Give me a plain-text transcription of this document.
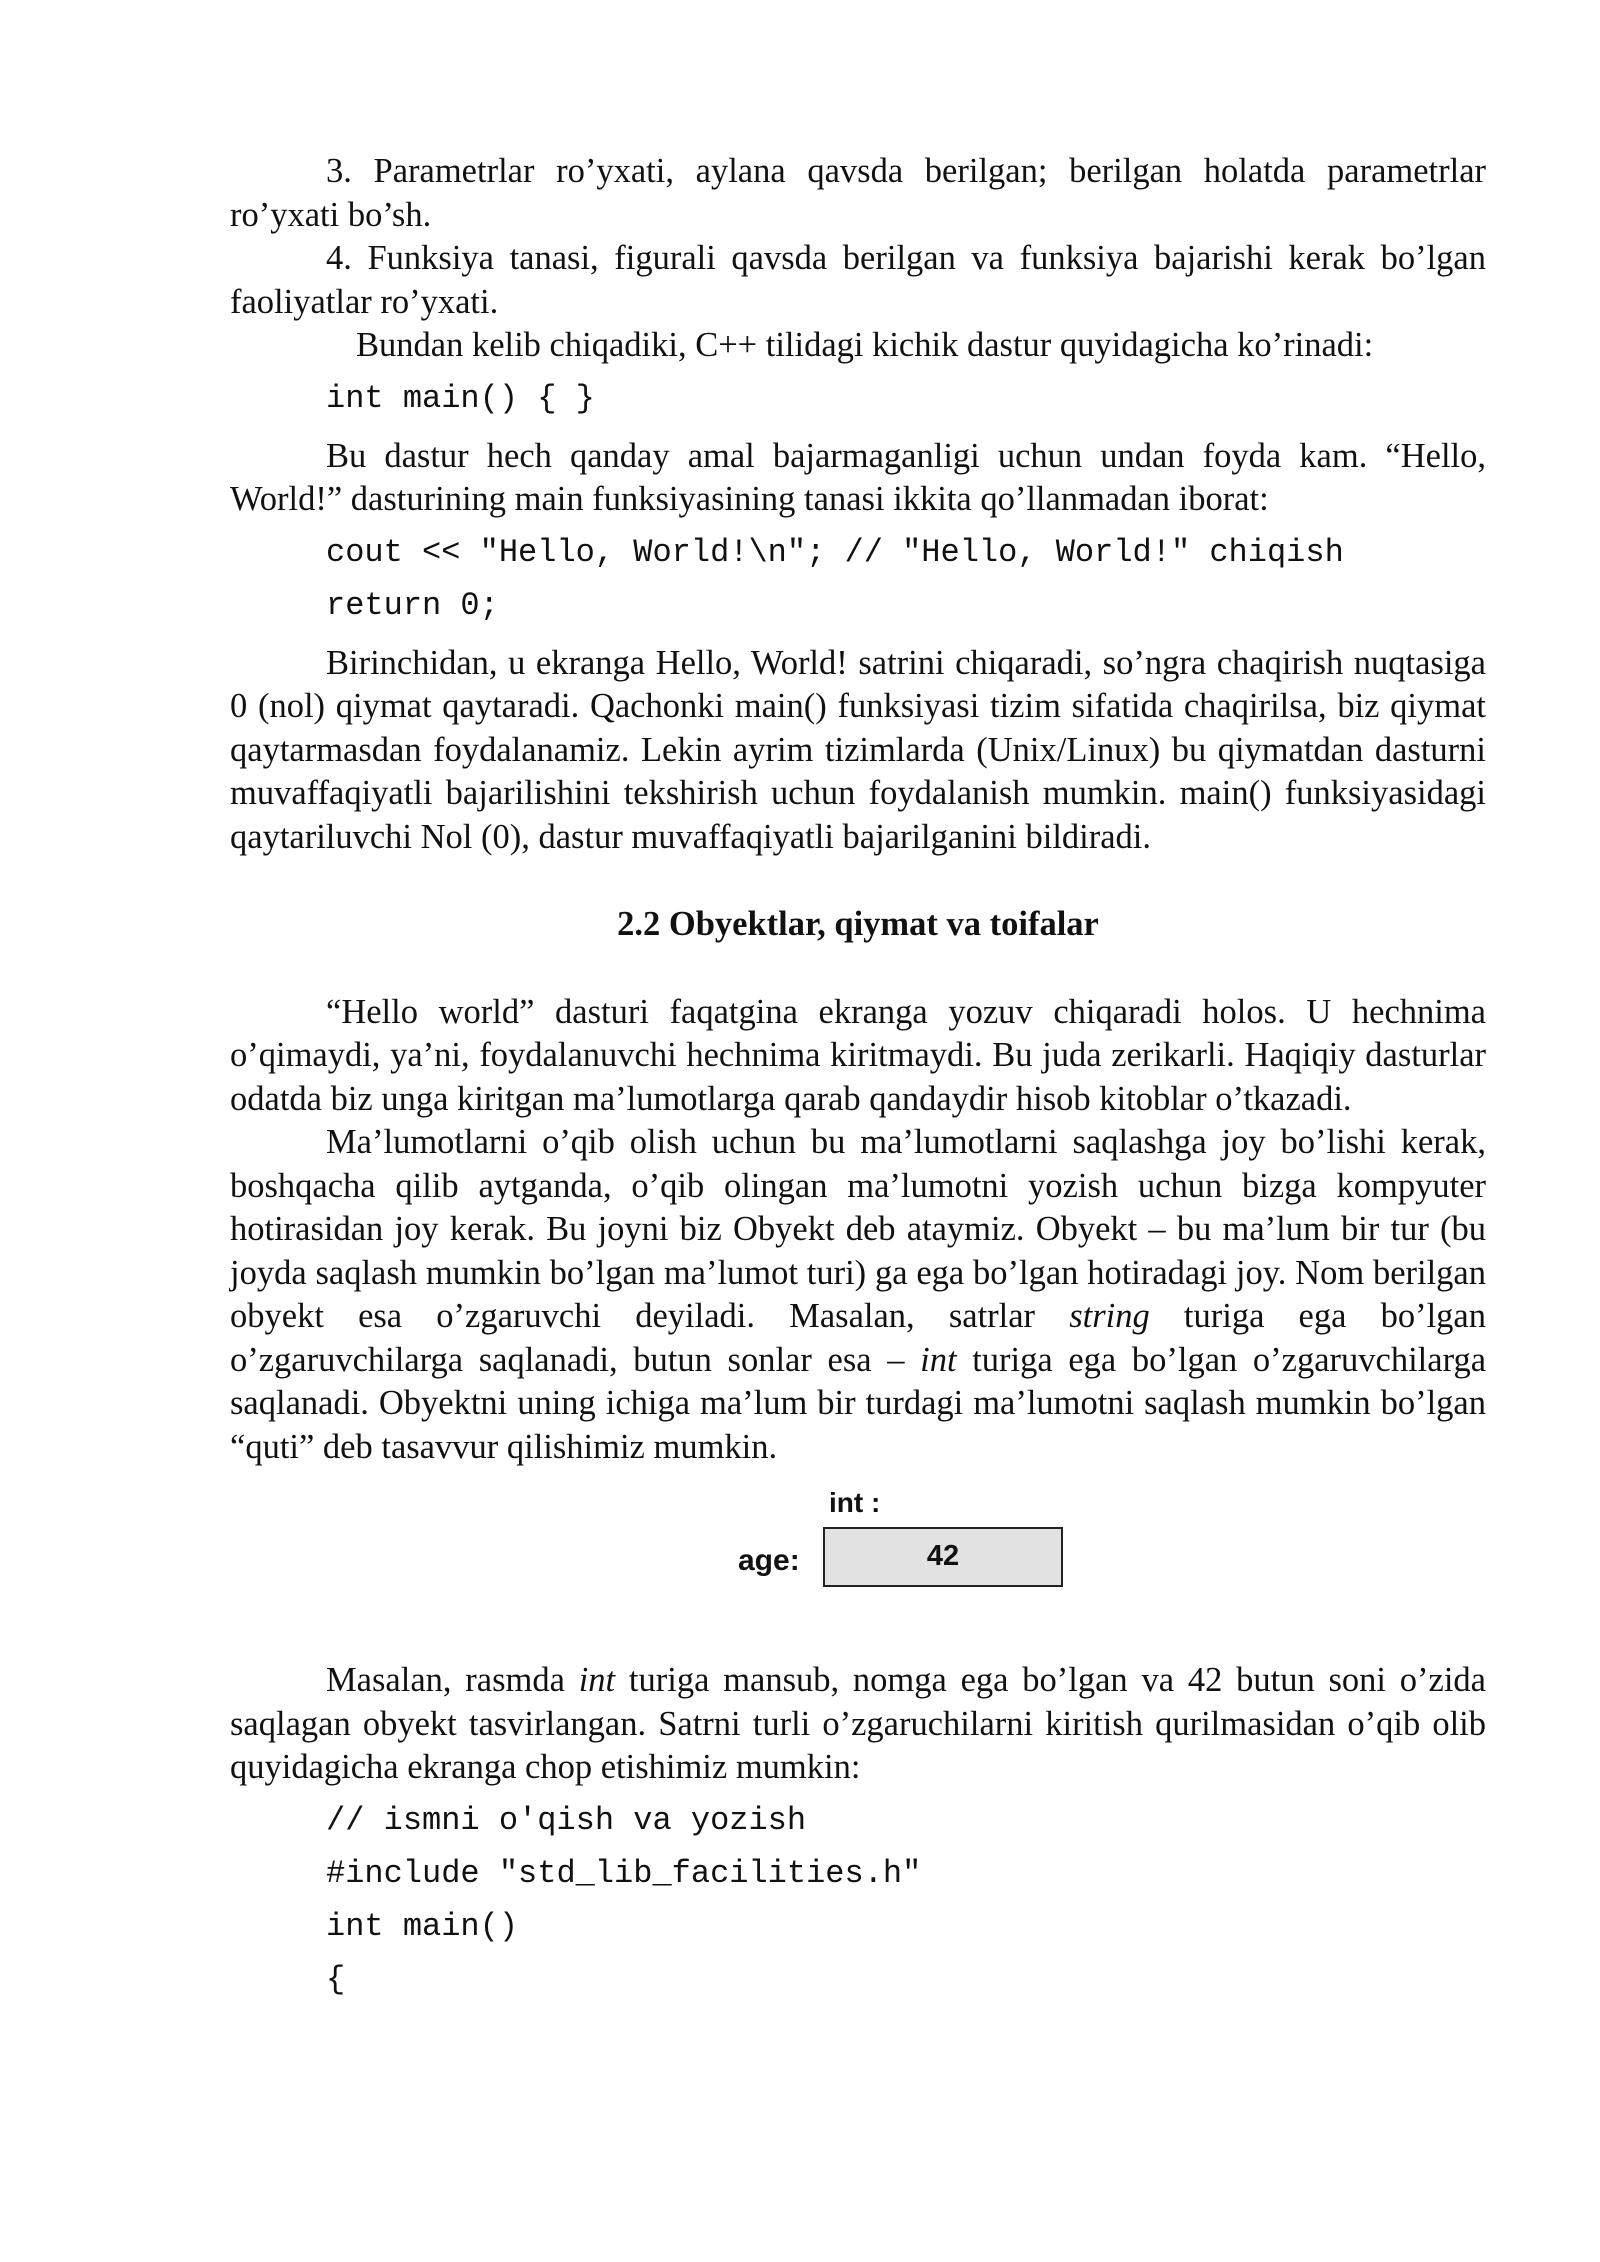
3. Parametrlar ro’yxati, aylana qavsda berilgan; berilgan holatda parametrlar ro’yxati bo’sh.

4. Funksiya tanasi, figurali qavsda berilgan va funksiya bajarishi kerak bo’lgan faoliyatlar ro’yxati.

Bundan kelib chiqadiki, C++ tilidagi kichik dastur quyidagicha ko’rinadi:

int main() { }

Bu dastur hech qanday amal bajarmaganligi uchun undan foyda kam. “Hello, World!” dasturining main funksiyasining tanasi ikkita qo’llanmadan iborat:

cout << "Hello, World!\n"; // "Hello, World!" chiqish
return 0;

Birinchidan, u ekranga Hello, World! satrini chiqaradi, so’ngra chaqirish nuqtasiga 0 (nol) qiymat qaytaradi. Qachonki main() funksiyasi tizim sifatida chaqirilsa, biz qiymat qaytarmasdan foydalanamiz. Lekin ayrim tizimlarda (Unix/Linux) bu qiymatdan dasturni muvaffaqiyatli bajarilishini tekshirish uchun foydalanish mumkin. main() funksiyasidagi qaytariluvchi Nol (0), dastur muvaffaqiyatli bajarilganini bildiradi.

2.2 Obyektlar, qiymat va toifalar

“Hello world” dasturi faqatgina ekranga yozuv chiqaradi holos. U hechnima o’qimaydi, ya’ni, foydalanuvchi hechnima kiritmaydi. Bu juda zerikarli. Haqiqiy dasturlar odatda biz unga kiritgan ma’lumotlarga qarab qandaydir hisob kitoblar o’tkazadi.

Ma’lumotlarni o’qib olish uchun bu ma’lumotlarni saqlashga joy bo’lishi kerak, boshqacha qilib aytganda, o’qib olingan ma’lumotni yozish uchun bizga kompyuter hotirasidan joy kerak. Bu joyni biz Obyekt deb ataymiz. Obyekt – bu ma’lum bir tur (bu joyda saqlash mumkin bo’lgan ma’lumot turi) ga ega bo’lgan hotiradagi joy. Nom berilgan obyekt esa o’zgaruvchi deyiladi. Masalan, satrlar string turiga ega bo’lgan o’zgaruvchilarga saqlanadi, butun sonlar esa – int turiga ega bo’lgan o’zgaruvchilarga saqlanadi. Obyektni uning ichiga ma’lum bir turdagi ma’lumotni saqlash mumkin bo’lgan “quti” deb tasavvur qilishimiz mumkin.

int :
age:	42

Masalan, rasmda int turiga mansub, nomga ega bo’lgan va 42 butun soni o’zida saqlagan obyekt tasvirlangan. Satrni turli o’zgaruchilarni kiritish qurilmasidan o’qib olib quyidagicha ekranga chop etishimiz mumkin:

// ismni o'qish va yozish
#include "std_lib_facilities.h"
int main()
{
